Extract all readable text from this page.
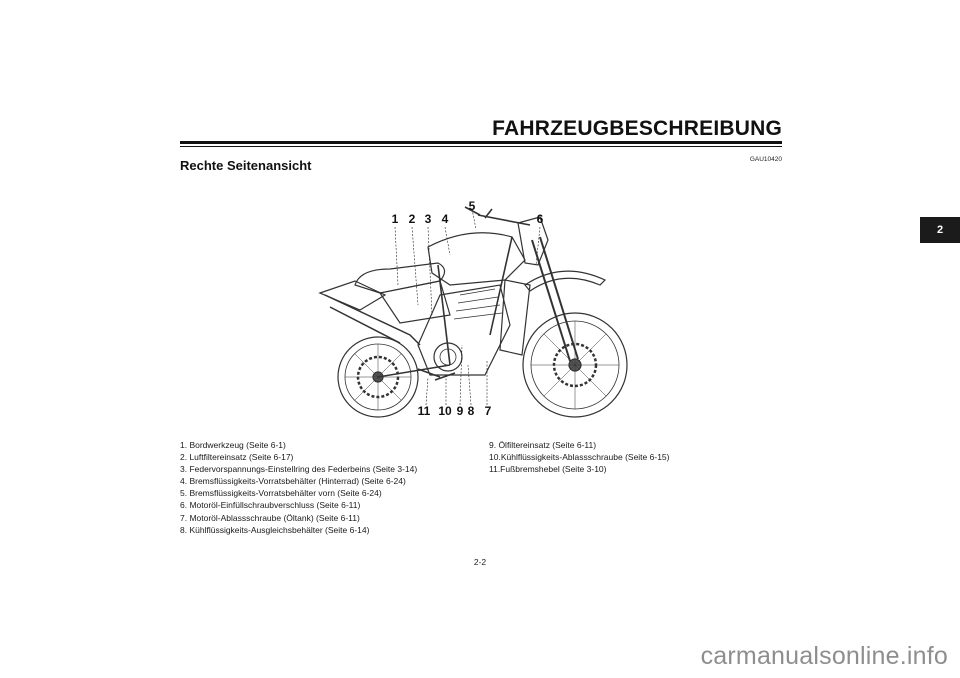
FAHRZEUGBESCHREIBUNG
GAU10420
Rechte Seitenansicht
2
1 2 3 4
5
6
11 10 9 8 7
1. Bordwerkzeug (Seite 6-1)
2. Luftfiltereinsatz (Seite 6-17)
3. Federvorspannungs-Einstellring des Federbeins (Seite 3-14)
4. Bremsflüssigkeits-Vorratsbehälter (Hinterrad) (Seite 6-24)
5. Bremsflüssigkeits-Vorratsbehälter vorn (Seite 6-24)
6. Motoröl-Einfüllschraubverschluss (Seite 6-11)
7. Motoröl-Ablassschraube (Öltank) (Seite 6-11)
8. Kühlflüssigkeits-Ausgleichsbehälter (Seite 6-14)
9. Ölfiltereinsatz (Seite 6-11)
10.Kühlflüssigkeits-Ablassschraube (Seite 6-15)
11.Fußbremshebel (Seite 3-10)
2-2
carmanualsonline.info
